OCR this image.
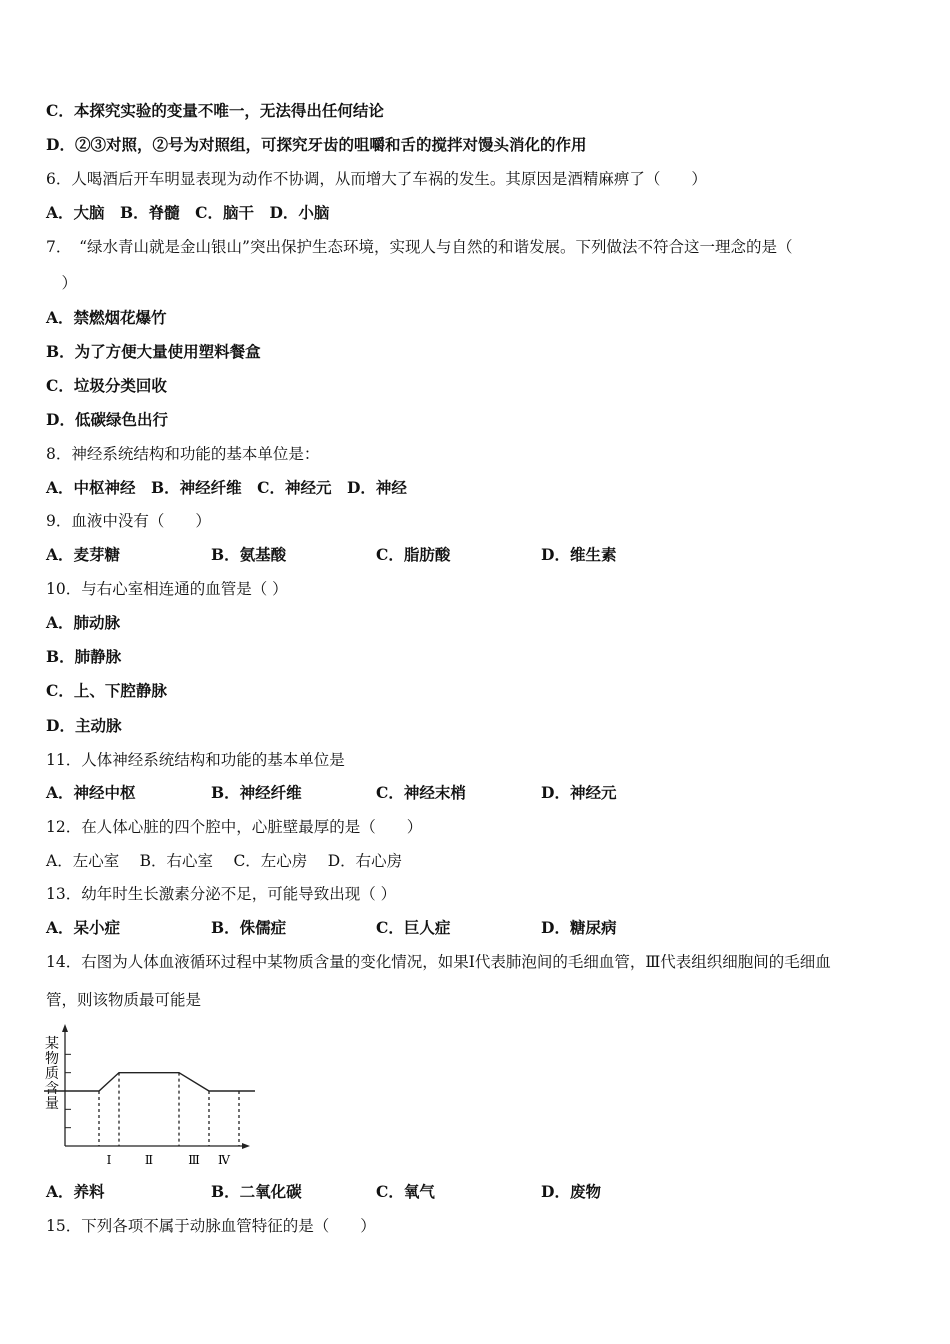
C．本探究实验的变量不唯一，无法得出任何结论
D．②③对照，②号为对照组，可探究牙齿的咀嚼和舌的搅拌对馒头消化的作用
6．人喝酒后开车明显表现为动作不协调，从而增大了车祸的发生。其原因是酒精麻痹了（　　）
A．大脑　B．脊髓　C．脑干　D．小脑
7．　“绿水青山就是金山银山”突出保护生态环境，实现人与自然的和谐发展。下列做法不符合这一理念的是（
　）
A．禁燃烟花爆竹
B．为了方便大量使用塑料餐盒
C．垃圾分类回收
D．低碳绿色出行
8．神经系统结构和功能的基本单位是：
A．中枢神经　B．神经纤维　C．神经元　D．神经
9．血液中没有（　　）
A．麦芽糖	B．氨基酸	C．脂肪酸	D．维生素
10．与右心室相连通的血管是（ ）
A．肺动脉
B．肺静脉
C．上、下腔静脉
D．主动脉
11．人体神经系统结构和功能的基本单位是
A．神经中枢	B．神经纤维	C．神经末梢	D．神经元
12．在人体心脏的四个腔中，心脏壁最厚的是（　　）
A．左心室　 B．右心室　 C．左心房　 D．右心房
13．幼年时生长激素分泌不足，可能导致出现（ ）
A．呆小症	B．侏儒症	C．巨人症	D．糖尿病
14．右图为人体血液循环过程中某物质含量的变化情况，如果Ⅰ代表肺泡间的毛细血管，Ⅲ代表组织细胞间的毛细血
管，则该物质最可能是
某
物
质
含
量
Ⅰ	Ⅱ	Ⅲ Ⅳ
A．养料	B．二氧化碳	C．氧气	D．废物
15．下列各项不属于动脉血管特征的是（　　）
